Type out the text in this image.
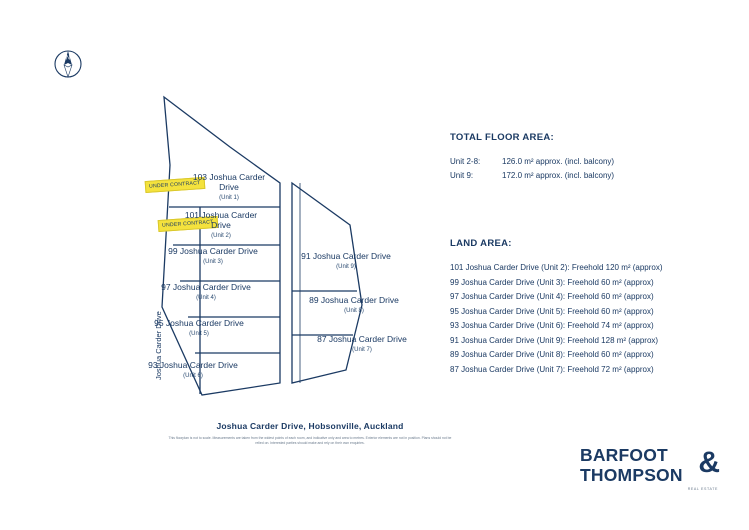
N
Joshua Carder Drive
UNDER CONTRACT
UNDER CONTRACT
103 Joshua Carder Drive
(Unit 1)
101 Joshua Carder Drive
(Unit 2)
99 Joshua Carder Drive
(Unit 3)
97 Joshua Carder Drive
(Unit 4)
95 Joshua Carder Drive
(Unit 5)
93 Joshua Carder Drive
(Unit 6)
91 Joshua Carder Drive
(Unit 9)
89 Joshua Carder Drive
(Unit 8)
87 Joshua Carder Drive
(Unit 7)
Joshua Carder Drive, Hobsonville, Auckland
This floorplan is not to scale. Measurements are taken from the widest points of each room, and indicative only and area to metres. Exterior elements are not in position. Plans should not be relied on. Interested parties should make and rely on their own enquiries.
TOTAL FLOOR AREA:
Unit 2-8:	126.0 m² approx. (incl. balcony)
Unit 9:	172.0 m² approx. (incl. balcony)
LAND AREA:
101 Joshua Carder Drive (Unit 2): Freehold 120 m² (approx)
99 Joshua Carder Drive (Unit 3): Freehold 60 m² (approx)
97 Joshua Carder Drive (Unit 4): Freehold 60 m² (approx)
95 Joshua Carder Drive (Unit 5): Freehold 60 m² (approx)
93 Joshua Carder Drive (Unit 6): Freehold 74 m² (approx)
91 Joshua Carder Drive (Unit 9): Freehold 128 m² (approx)
89 Joshua Carder Drive (Unit 8): Freehold 60 m² (approx)
87 Joshua Carder Drive (Unit 7): Freehold 72 m² (approx)
&
BARFOOT
THOMPSON
REAL ESTATE
